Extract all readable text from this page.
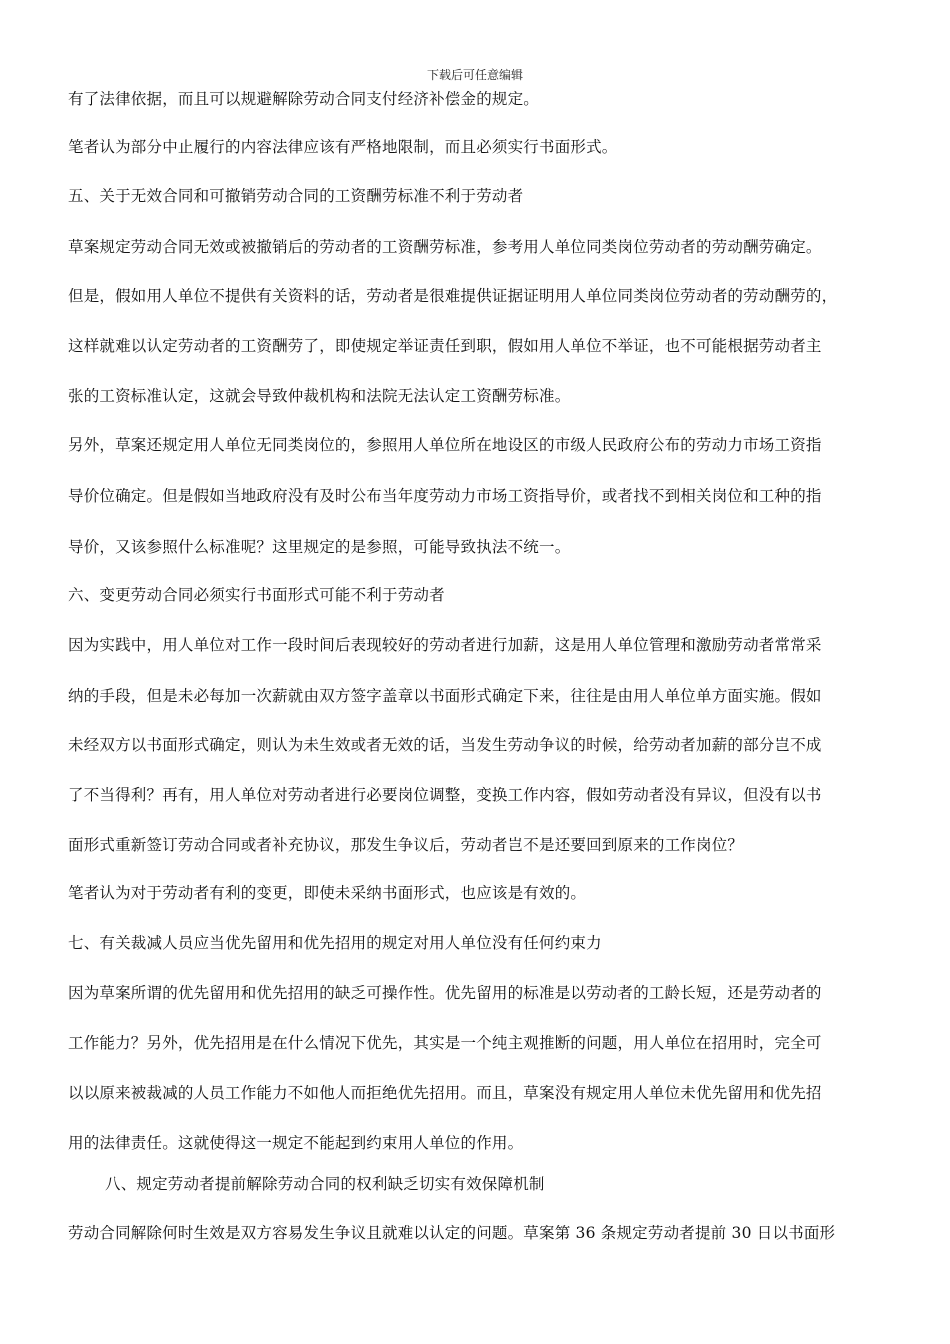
下载后可任意编辑
有了法律依据，而且可以规避解除劳动合同支付经济补偿金的规定。
笔者认为部分中止履行的内容法律应该有严格地限制，而且必须实行书面形式。
五、关于无效合同和可撤销劳动合同的工资酬劳标准不利于劳动者
草案规定劳动合同无效或被撤销后的劳动者的工资酬劳标准，参考用人单位同类岗位劳动者的劳动酬劳确定。
但是，假如用人单位不提供有关资料的话，劳动者是很难提供证据证明用人单位同类岗位劳动者的劳动酬劳的，
这样就难以认定劳动者的工资酬劳了，即使规定举证责任到职，假如用人单位不举证，也不可能根据劳动者主
张的工资标准认定，这就会导致仲裁机构和法院无法认定工资酬劳标准。
另外，草案还规定用人单位无同类岗位的，参照用人单位所在地设区的市级人民政府公布的劳动力市场工资指
导价位确定。但是假如当地政府没有及时公布当年度劳动力市场工资指导价，或者找不到相关岗位和工种的指
导价，又该参照什么标准呢？这里规定的是参照，可能导致执法不统一。
六、变更劳动合同必须实行书面形式可能不利于劳动者
因为实践中，用人单位对工作一段时间后表现较好的劳动者进行加薪，这是用人单位管理和激励劳动者常常采
纳的手段，但是未必每加一次薪就由双方签字盖章以书面形式确定下来，往往是由用人单位单方面实施。假如
未经双方以书面形式确定，则认为未生效或者无效的话，当发生劳动争议的时候，给劳动者加薪的部分岂不成
了不当得利？再有，用人单位对劳动者进行必要岗位调整，变换工作内容，假如劳动者没有异议，但没有以书
面形式重新签订劳动合同或者补充协议，那发生争议后，劳动者岂不是还要回到原来的工作岗位？
笔者认为对于劳动者有利的变更，即使未采纳书面形式，也应该是有效的。
七、有关裁减人员应当优先留用和优先招用的规定对用人单位没有任何约束力
因为草案所谓的优先留用和优先招用的缺乏可操作性。优先留用的标准是以劳动者的工龄长短，还是劳动者的
工作能力？另外，优先招用是在什么情况下优先，其实是一个纯主观推断的问题，用人单位在招用时，完全可
以以原来被裁减的人员工作能力不如他人而拒绝优先招用。而且，草案没有规定用人单位未优先留用和优先招
用的法律责任。这就使得这一规定不能起到约束用人单位的作用。
八、规定劳动者提前解除劳动合同的权利缺乏切实有效保障机制
劳动合同解除何时生效是双方容易发生争议且就难以认定的问题。草案第 36 条规定劳动者提前 30 日以书面形
